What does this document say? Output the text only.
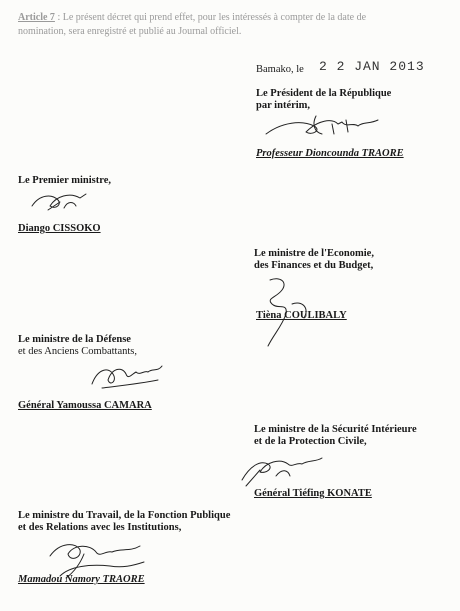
Article 7 : Le présent décret qui prend effet, pour les intéressés à compter de la date de
nomination, sera enregistré et publié au Journal officiel.
Bamako, le 2 2 JAN 2013
Le Président de la République
par intérim,
Professeur Dioncounda TRAORE
Le Premier ministre,
Diango CISSOKO
Le ministre de l'Economie,
des Finances et du Budget,
Tièna COULIBALY
Le ministre de la Défense
et des Anciens Combattants,
Général Yamoussa CAMARA
Le ministre de la Sécurité Intérieure
et de la Protection Civile,
Général Tiéfing KONATE
Le ministre du Travail, de la Fonction Publique
et des Relations avec les Institutions,
Mamadou Namory TRAORE
